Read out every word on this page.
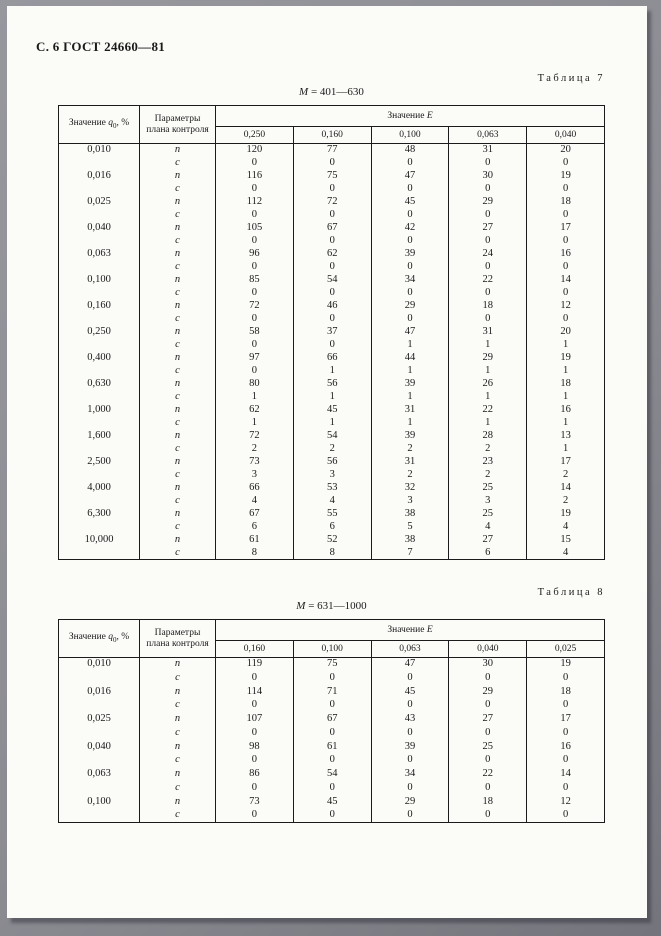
С. 6 ГОСТ 24660—81
Таблица 7
M = 401—630
Значение $q_0$, %	Параметры плана контроля	Значение E				
		0,250	0,160	0,100	0,063	0,040
0,010	n	120	77	48	31	20
	c	0	0	0	0	0
0,016	n	116	75	47	30	19
	c	0	0	0	0	0
0,025	n	112	72	45	29	18
	c	0	0	0	0	0
0,040	n	105	67	42	27	17
	c	0	0	0	0	0
0,063	n	96	62	39	24	16
	c	0	0	0	0	0
0,100	n	85	54	34	22	14
	c	0	0	0	0	0
0,160	n	72	46	29	18	12
	c	0	0	0	0	0
0,250	n	58	37	47	31	20
	c	0	0	1	1	1
0,400	n	97	66	44	29	19
	c	0	1	1	1	1
0,630	n	80	56	39	26	18
	c	1	1	1	1	1
1,000	n	62	45	31	22	16
	c	1	1	1	1	1
1,600	n	72	54	39	28	13
	c	2	2	2	2	1
2,500	n	73	56	31	23	17
	c	3	3	2	2	2
4,000	n	66	53	32	25	14
	c	4	4	3	3	2
6,300	n	67	55	38	25	19
	c	6	6	5	4	4
10,000	n	61	52	38	27	15
	c	8	8	7	6	4
Таблица 8
M = 631—1000
Значение $q_0$, %	Параметры плана контроля	Значение E				
		0,160	0,100	0,063	0,040	0,025
0,010	n	119	75	47	30	19
	c	0	0	0	0	0
0,016	n	114	71	45	29	18
	c	0	0	0	0	0
0,025	n	107	67	43	27	17
	c	0	0	0	0	0
0,040	n	98	61	39	25	16
	c	0	0	0	0	0
0,063	n	86	54	34	22	14
	c	0	0	0	0	0
0,100	n	73	45	29	18	12
	c	0	0	0	0	0
